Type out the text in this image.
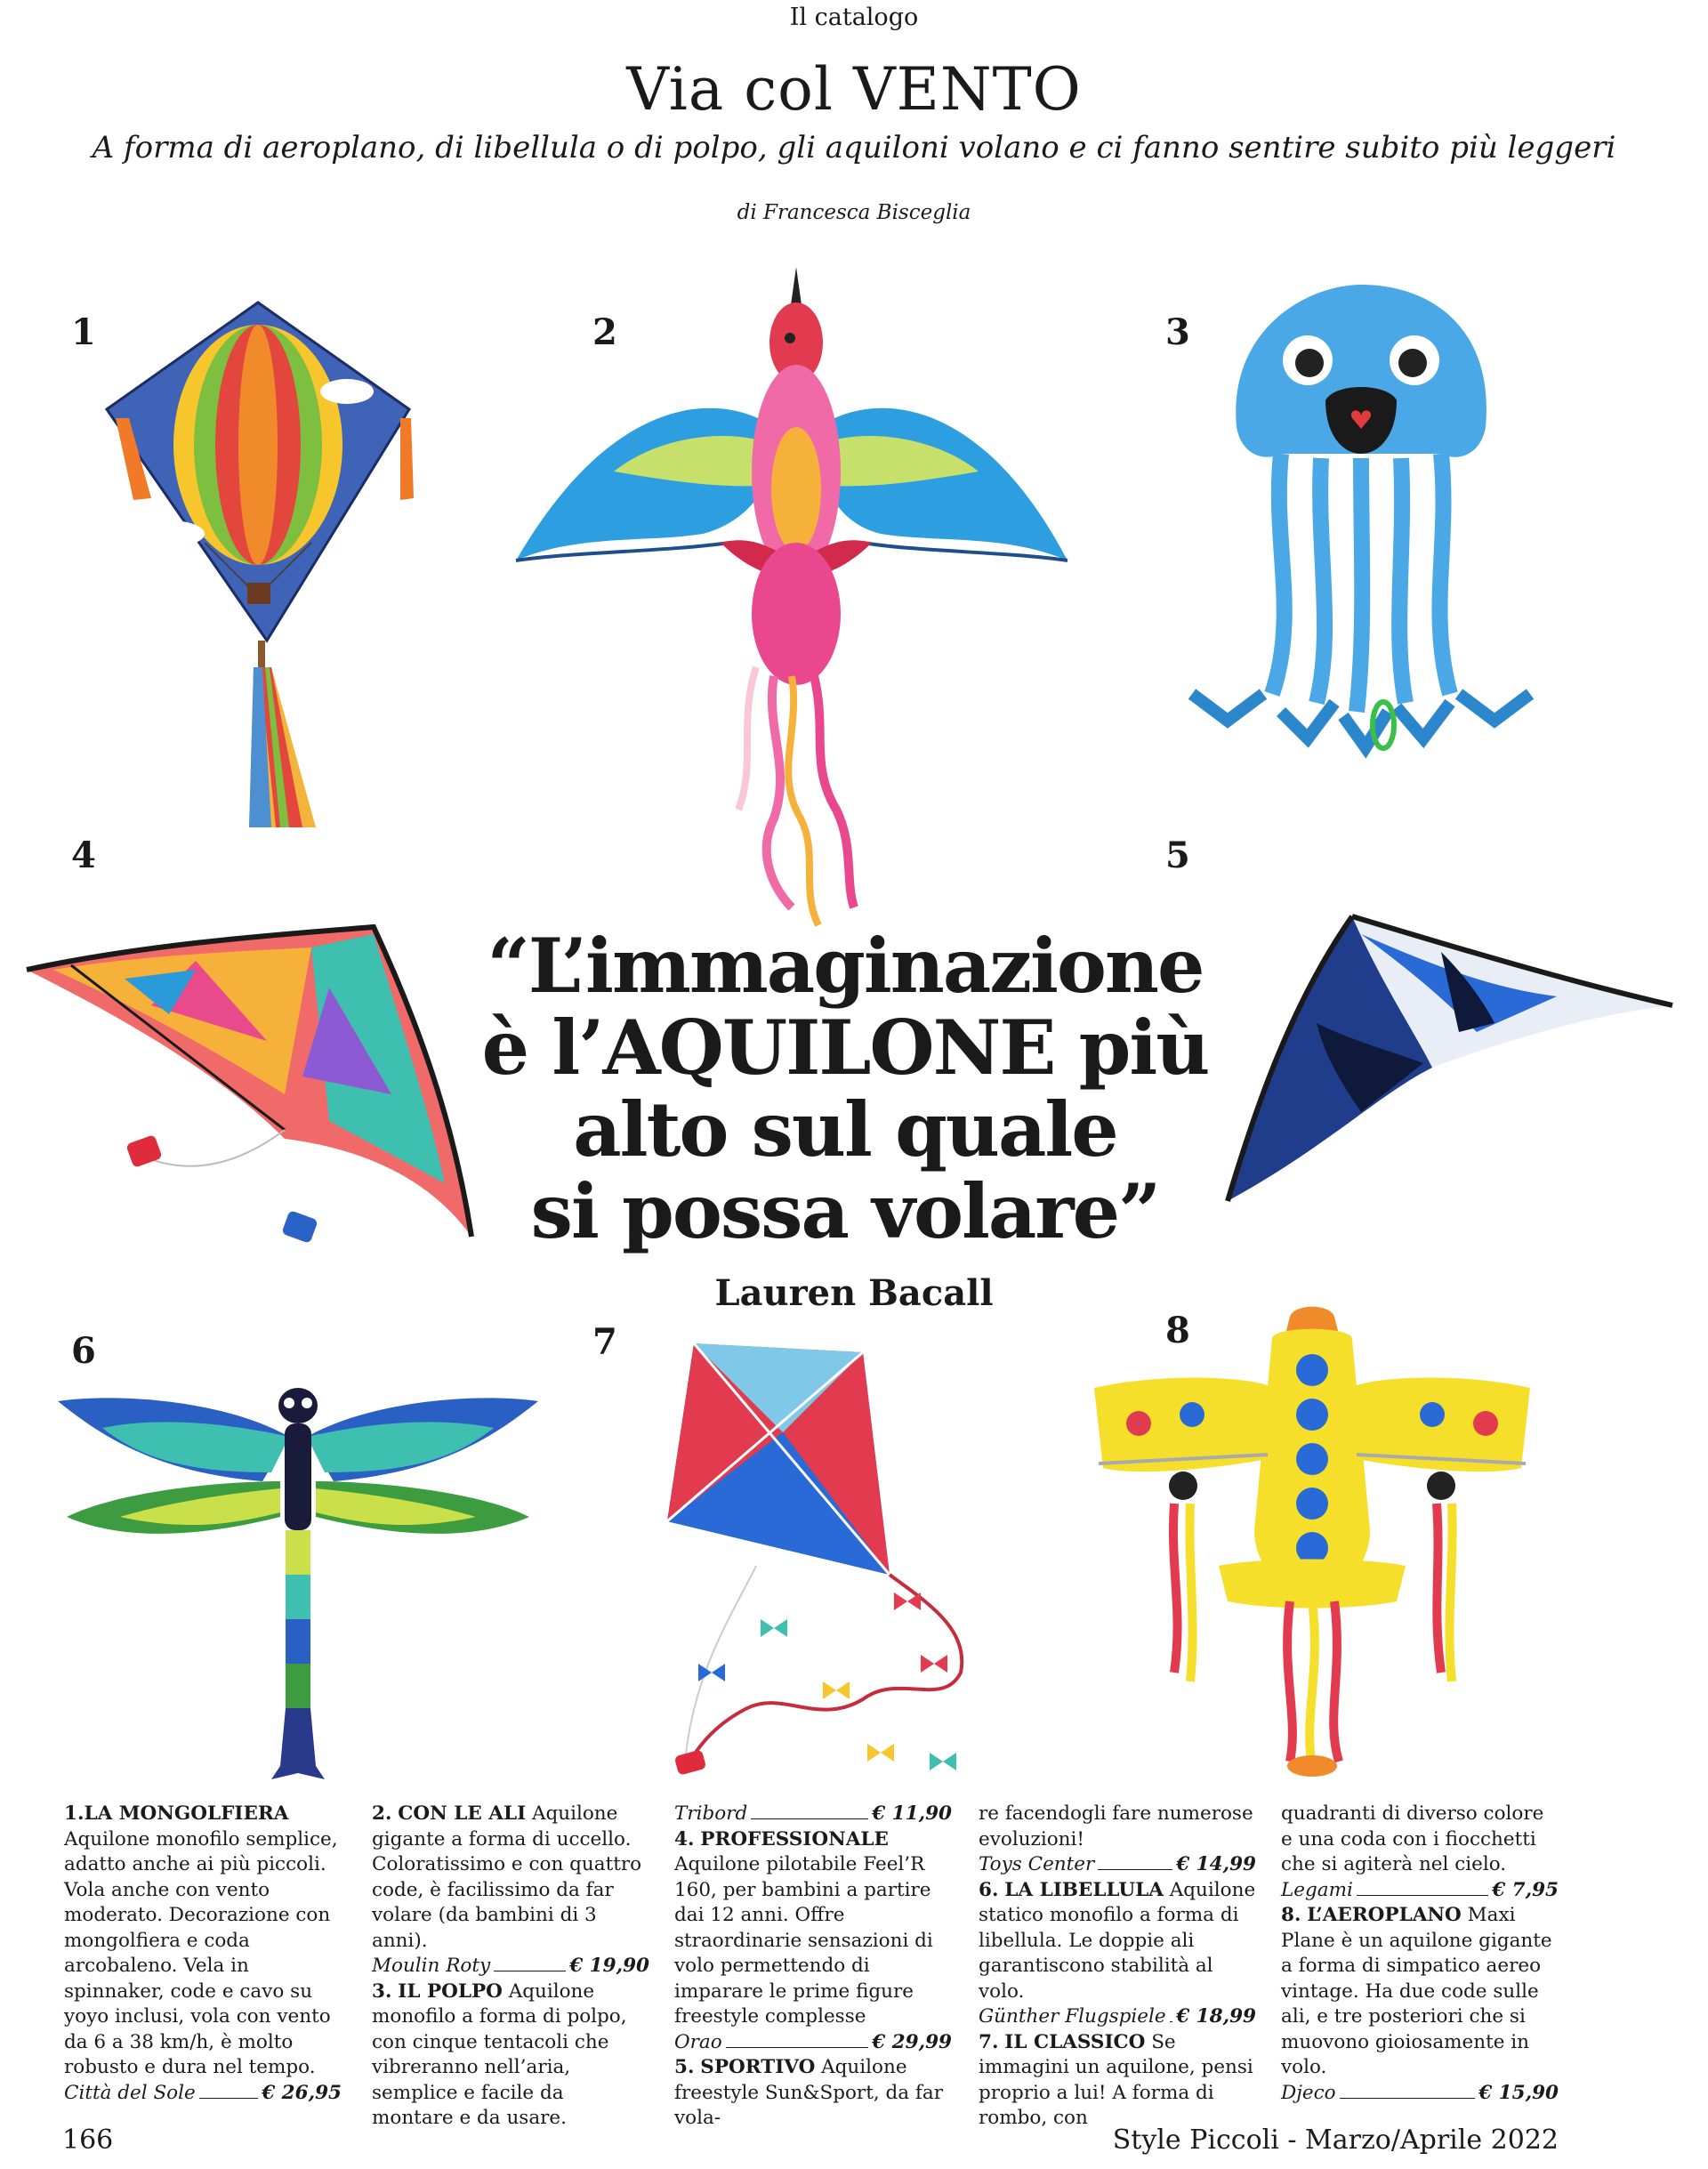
Il catalogo
Via col VENTO
A forma di aeroplano, di libellula o di polpo, gli aquiloni volano e ci fanno sentire subito più leggeri
di Francesca Bisceglia
1	2	3
4	5
6	7	8
“L’immaginazione
è l’AQUILONE più
alto sul quale
si possa volare”
Lauren Bacall

1.LA MONGOLFIERA Aquilone monofilo semplice, adatto anche ai più piccoli. Vola anche con vento moderato. Decorazione con mongolfiera e coda arcobaleno. Vela in spinnaker, code e cavo su yoyo inclusi, vola con vento da 6 a 38 km/h, è molto robusto e dura nel tempo.

Città del Sole	€ 26,95

2. CON LE ALI Aquilone gigante a forma di uccello. Coloratissimo e con quattro code, è facilissimo da far volare (da bambini di 3 anni).

Moulin Roty	€ 19,90

3. IL POLPO Aquilone monofilo a forma di polpo, con cinque tentacoli che vibreranno nell’aria, semplice e facile da montare e da usare.

Tribord	€ 11,90

4. PROFESSIONALE Aquilone pilotabile Feel’R 160, per bambini a partire dai 12 anni. Offre straordinarie sensazioni di volo permettendo di imparare le prime figure freestyle complesse

Orao	€ 29,99

5. SPORTIVO Aquilone freestyle Sun&Sport, da far vola-

re facendogli fare numerose evoluzioni!

Toys Center	€ 14,99

6. LA LIBELLULA Aquilone statico monofilo a forma di libellula. Le doppie ali garantiscono stabilità al volo.

Günther Flugspiele € 18,99

7. IL CLASSICO Se immagini un aquilone, pensi proprio a lui! A forma di rombo, con

quadranti di diverso colore e una coda con i fiocchetti che si agiterà nel cielo.

Legami	€ 7,95

8. L’AEROPLANO Maxi Plane è un aquilone gigante a forma di simpatico aereo vintage. Ha due code sulle ali, e tre posteriori che si muovono gioiosamente in volo.

Djeco	€ 15,90
166	Style Piccoli - Marzo/Aprile 2022
